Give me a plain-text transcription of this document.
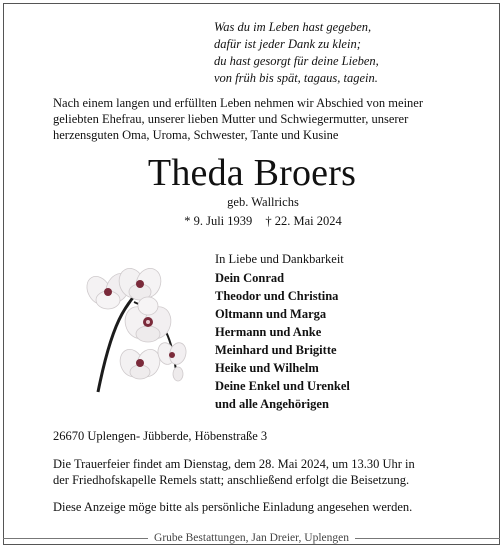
Was du im Leben hast gegeben,
dafür ist jeder Dank zu klein;
du hast gesorgt für deine Lieben,
von früh bis spät, tagaus, tagein.
Nach einem langen und erfüllten Leben nehmen wir Abschied von meiner
geliebten Ehefrau, unserer lieben Mutter und Schwiegermutter, unserer
herzensguten Oma, Uroma, Schwester, Tante und Kusine
Theda Broers
geb. Wallrichs
* 9. Juli 1939 † 22. Mai 2024
In Liebe und Dankbarkeit
Dein Conrad
Theodor und Christina
Oltmann und Marga
Hermann und Anke
Meinhard und Brigitte
Heike und Wilhelm
Deine Enkel und Urenkel
und alle Angehörigen
26670 Uplengen- Jübberde, Höbenstraße 3
Die Trauerfeier findet am Dienstag, dem 28. Mai 2024, um 13.30 Uhr in
der Friedhofskapelle Remels statt; anschließend erfolgt die Beisetzung.
Diese Anzeige möge bitte als persönliche Einladung angesehen werden.
Grube Bestattungen, Jan Dreier, Uplengen
